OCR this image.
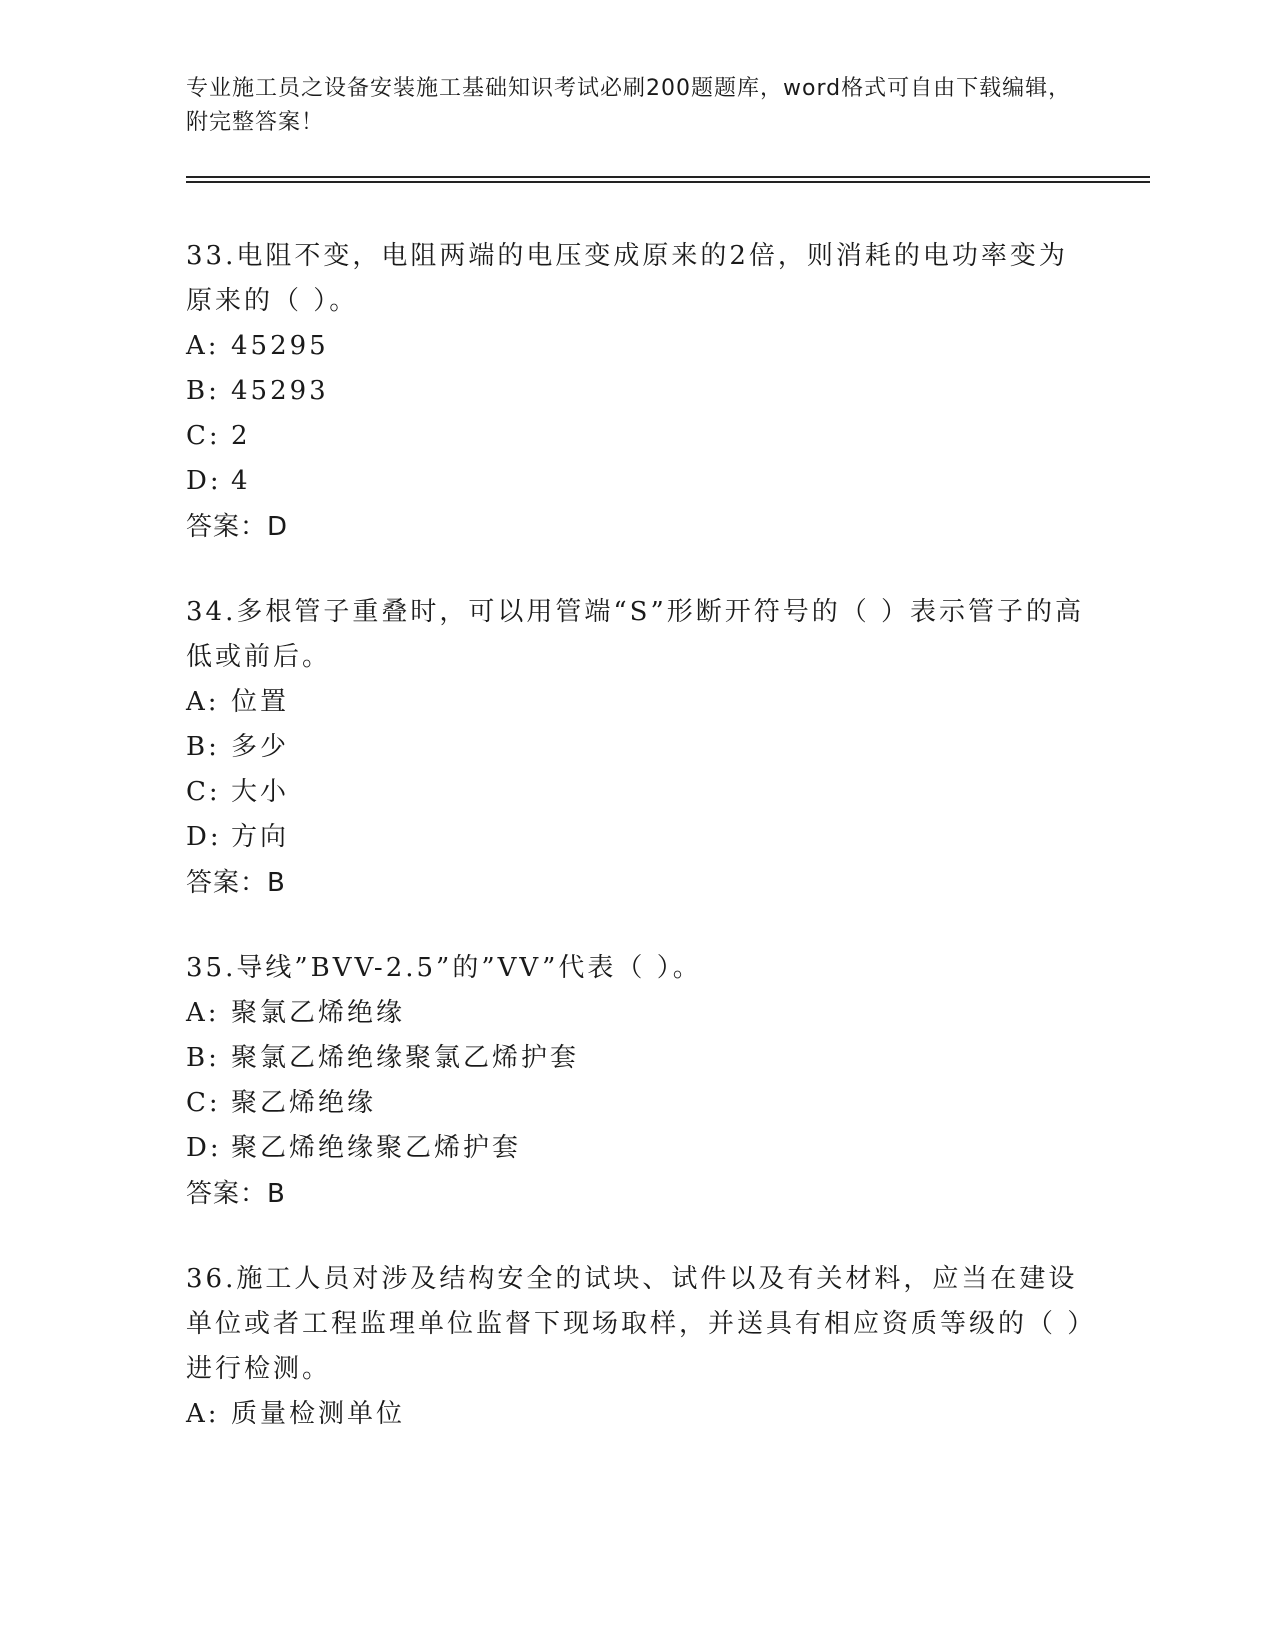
专业施工员之设备安装施工基础知识考试必刷200题题库，word格式可自由下载编辑，附完整答案！

33.电阻不变，电阻两端的电压变成原来的2倍，则消耗的电功率变为原来的（ ）。

A: 45295

B: 45293

C: 2

D: 4

答案：D

34.多根管子重叠时，可以用管端“S”形断开符号的（ ）表示管子的高低或前后。

A: 位置

B: 多少

C: 大小

D: 方向

答案：B

35.导线”BVV-2.5”的”VV”代表（ ）。

A: 聚氯乙烯绝缘

B: 聚氯乙烯绝缘聚氯乙烯护套

C: 聚乙烯绝缘

D: 聚乙烯绝缘聚乙烯护套

答案：B

36.施工人员对涉及结构安全的试块、试件以及有关材料，应当在建设单位或者工程监理单位监督下现场取样，并送具有相应资质等级的（ ）进行检测。

A: 质量检测单位
